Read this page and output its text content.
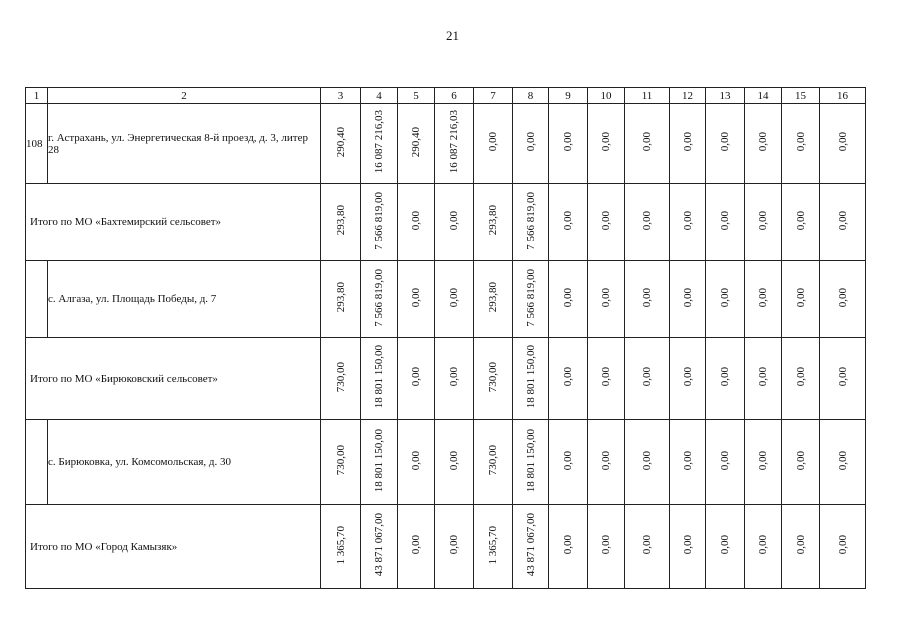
21
1	2	3	4	5	6	7	8	9	10	11	12	13	14	15	16
108	г. Астрахань, ул. Энергетическая 8-й проезд, д. 3, литер 28	290,40	16 087 216,03	290,40	16 087 216,03	0,00	0,00	0,00	0,00	0,00	0,00	0,00	0,00	0,00	0,00
Итого по МО «Бахтемирский сельсовет»		293,80	7 566 819,00	0,00	0,00	293,80	7 566 819,00	0,00	0,00	0,00	0,00	0,00	0,00	0,00	0,00
	с. Алгаза, ул. Площадь Победы, д. 7	293,80	7 566 819,00	0,00	0,00	293,80	7 566 819,00	0,00	0,00	0,00	0,00	0,00	0,00	0,00	0,00
Итого по МО «Бирюковский сельсовет»		730,00	18 801 150,00	0,00	0,00	730,00	18 801 150,00	0,00	0,00	0,00	0,00	0,00	0,00	0,00	0,00
	с. Бирюковка, ул. Комсомольская, д. 30	730,00	18 801 150,00	0,00	0,00	730,00	18 801 150,00	0,00	0,00	0,00	0,00	0,00	0,00	0,00	0,00
Итого по МО «Город Камызяк»		1 365,70	43 871 067,00	0,00	0,00	1 365,70	43 871 067,00	0,00	0,00	0,00	0,00	0,00	0,00	0,00	0,00
